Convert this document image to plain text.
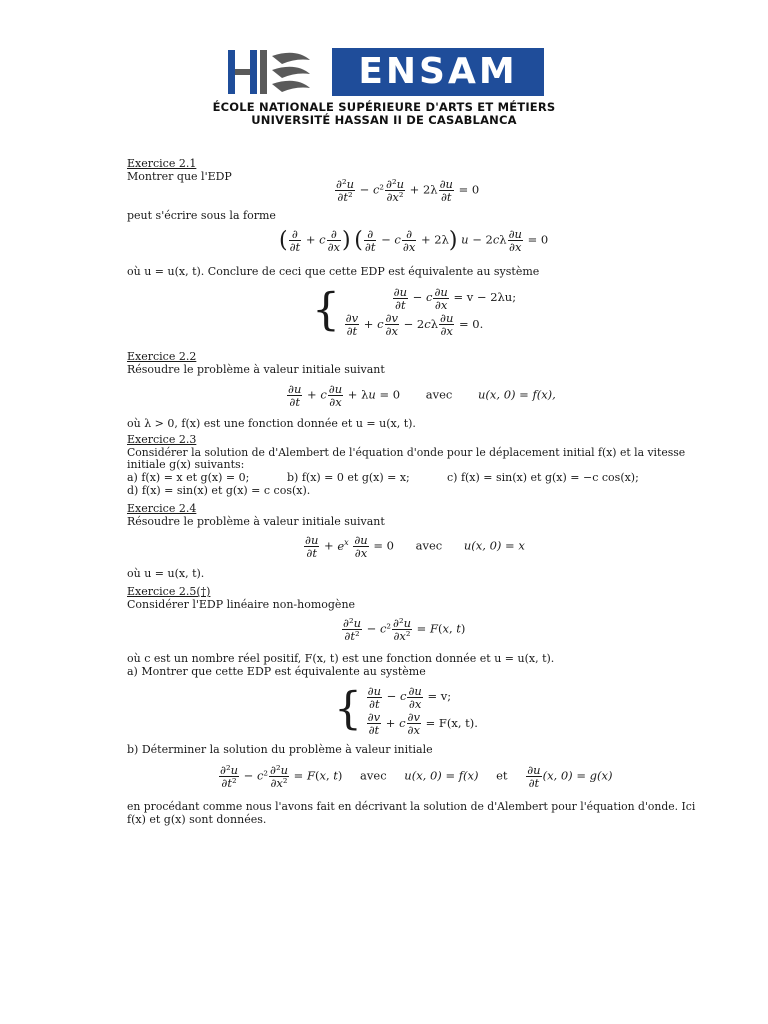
ENSAM
ÉCOLE NATIONALE SUPÉRIEURE D'ARTS ET MÉTIERS
UNIVERSITÉ HASSAN II DE CASABLANCA
Exercice 2.1
Montrer que l'EDP
$\frac{\text{∂²u}}{\text{∂t²}} - c^2 \frac{\text{∂²u}}{\text{∂x²}} + 2\lambda \frac{\partial u}{\partial t} = 0$
peut s'écrire sous la forme
( $\frac{\partial}{\partial t} + c \frac{\partial}{\partial x}$ ) ( $\frac{\partial}{\partial t} - c \frac{\partial}{\partial x} + 2\lambda$) $u - 2c\lambda \frac{\partial u}{\partial x} = 0$
où u = u(x, t). Conclure de ceci que cette EDP est équivalente au système
{	$\frac{\partial u}{\partial t} - c \frac{\partial u}{\partial x} = v - 2\lambda u$;
$\frac{\partial v}{\partial t} + c \frac{\partial v}{\partial x} - 2c\lambda \frac{\partial u}{\partial x} = 0$.
Exercice 2.2
Résoudre le problème à valeur initiale suivant
$\frac{\partial u}{\partial t} + c \frac{\partial u}{\partial x} + \lambda u = 0$ avec u(x, 0) = f(x),
où λ > 0, f(x) est une fonction donnée et u = u(x, t).
Exercice 2.3
Considérer la solution de d'Alembert de l'équation d'onde pour le déplacement initial f(x) et la vitesse
initiale g(x) suivants:
a) f(x) = x et g(x) = 0;	b) f(x) = 0 et g(x) = x;	c) f(x) = sin(x) et g(x) = −c cos(x);
d) f(x) = sin(x) et g(x) = c cos(x).
Exercice 2.4
Résoudre le problème à valeur initiale suivant
$\frac{\partial u}{\partial t} + e^x \frac{\partial u}{\partial x} = 0$ avec u(x, 0) = x
où u = u(x, t).
Exercice 2.5(†)
Considérer l'EDP linéaire non-homogène
$\frac{\text{∂²u}}{\text{∂t²}} - c^2 \frac{\text{∂²u}}{\text{∂x²}} = F(x$, t)
où c est un nombre réel positif, F(x, t) est une fonction donnée et u = u(x, t).
a) Montrer que cette EDP est équivalente au système
{ $\frac{\partial u}{\partial t} - c \frac{\partial u}{\partial x} = v$;
$\frac{\partial v}{\partial t} + c \frac{\partial v}{\partial x} = F(x$, t).
b) Déterminer la solution du problème à valeur initiale
$\frac{\text{∂²u}}{\text{∂t²}} - c^2 \frac{\text{∂²u}}{\text{∂x²}} = F(x$, t) avec u(x, 0) = f(x) et $\frac{\partial u}{\partial t} (x$, 0) = g(x)
en procédant comme nous l'avons fait en décrivant la solution de d'Alembert pour l'équation d'onde. Ici
f(x) et g(x) sont données.
